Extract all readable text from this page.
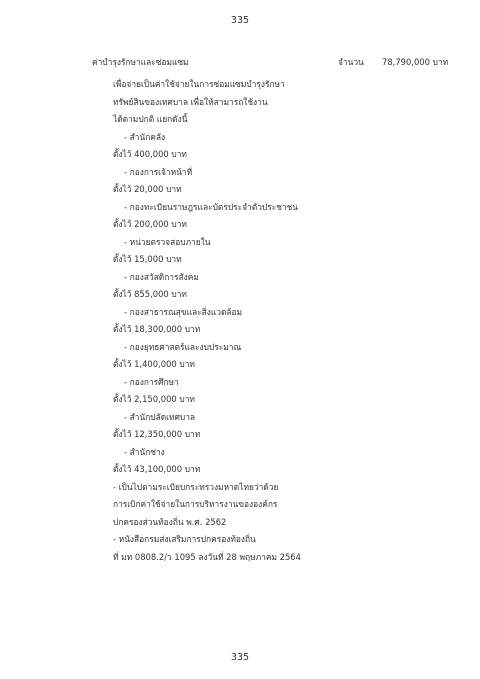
335
ค่าบำรุงรักษาและซ่อมแซม	จำนวน 78,790,000 บาท
เพื่อจ่ายเป็นค่าใช้จ่ายในการซ่อมแซมบำรุงรักษา
ทรัพย์สินของเทศบาล เพื่อให้สามารถใช้งาน
ได้ตามปกติ แยกดังนี้
- สำนักคลัง
ตั้งไว้ 400,000 บาท
- กองการเจ้าหน้าที่
ตั้งไว้ 20,000 บาท
- กองทะเบียนราษฎรและบัตรประจำตัวประชาชน
ตั้งไว้ 200,000 บาท
- หน่วยตรวจสอบภายใน
ตั้งไว้ 15,000 บาท
- กองสวัสดิการสังคม
ตั้งไว้ 855,000 บาท
- กองสาธารณสุขและสิ่งแวดล้อม
ตั้งไว้ 18,300,000 บาท
- กองยุทธศาสตร์และงบประมาณ
ตั้งไว้ 1,400,000 บาท
- กองการศึกษา
ตั้งไว้ 2,150,000 บาท
- สำนักปลัดเทศบาล
ตั้งไว้ 12,350,000 บาท
- สำนักช่าง
ตั้งไว้ 43,100,000 บาท
- เป็นไปตามระเบียบกระทรวงมหาดไทยว่าด้วย
การเบิกค่าใช้จ่ายในการบริหารงานขององค์กร
ปกครองส่วนท้องถิ่น พ.ศ. 2562
- หนังสือกรมส่งเสริมการปกครองท้องถิ่น
ที่ มท 0808.2/ว 1095 ลงวันที่ 28 พฤษภาคม 2564
335
